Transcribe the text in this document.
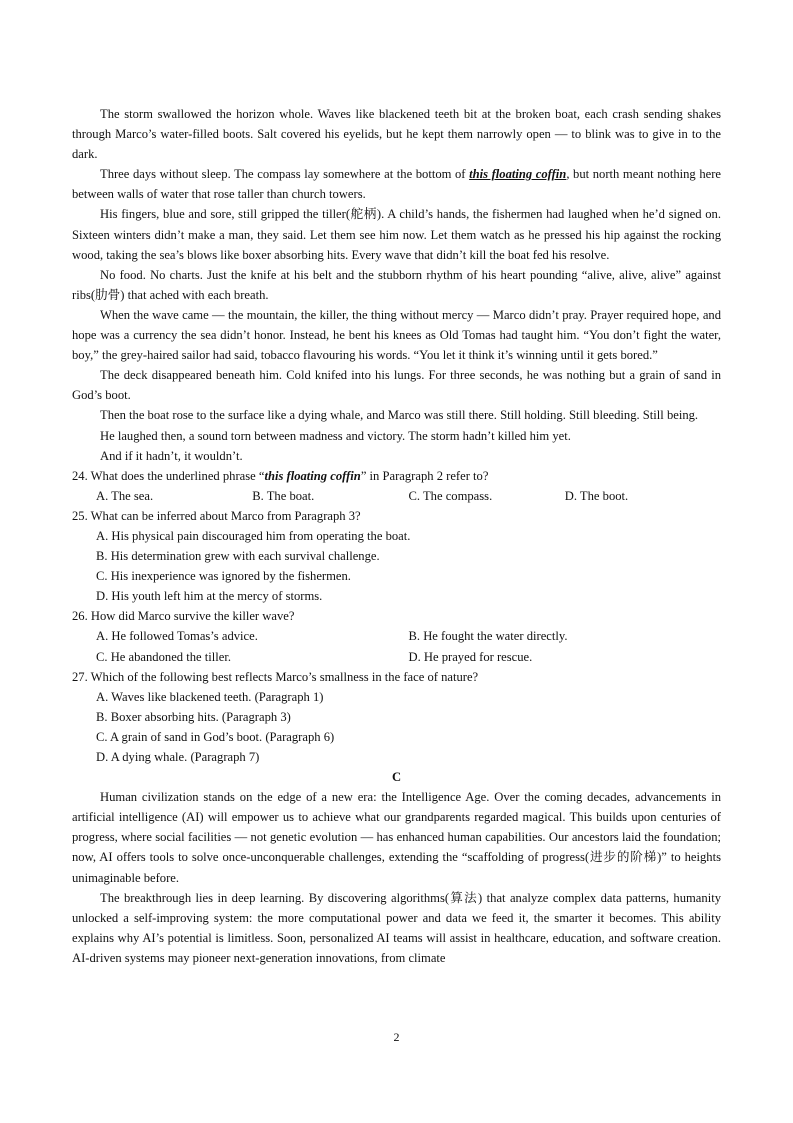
The storm swallowed the horizon whole. Waves like blackened teeth bit at the broken boat, each crash sending shakes through Marco’s water-filled boots. Salt covered his eyelids, but he kept them narrowly open — to blink was to give in to the dark.

Three days without sleep. The compass lay somewhere at the bottom of this floating coffin, but north meant nothing here between walls of water that rose taller than church towers.

His fingers, blue and sore, still gripped the tiller(舵柄). A child’s hands, the fishermen had laughed when he’d signed on. Sixteen winters didn’t make a man, they said. Let them see him now. Let them watch as he pressed his hip against the rocking wood, taking the sea’s blows like boxer absorbing hits. Every wave that didn’t kill the boat fed his resolve.

No food. No charts. Just the knife at his belt and the stubborn rhythm of his heart pounding “alive, alive, alive” against ribs(肋骨) that ached with each breath.

When the wave came — the mountain, the killer, the thing without mercy — Marco didn’t pray. Prayer required hope, and hope was a currency the sea didn’t honor. Instead, he bent his knees as Old Tomas had taught him. “You don’t fight the water, boy,” the grey-haired sailor had said, tobacco flavouring his words. “You let it think it’s winning until it gets bored.”

The deck disappeared beneath him. Cold knifed into his lungs. For three seconds, he was nothing but a grain of sand in God’s boot.

Then the boat rose to the surface like a dying whale, and Marco was still there. Still holding. Still bleeding. Still being.

He laughed then, a sound torn between madness and victory. The storm hadn’t killed him yet.

And if it hadn’t, it wouldn’t.

24. What does the underlined phrase “this floating coffin” in Paragraph 2 refer to?

A. The sea.	B. The boat.	C. The compass.	D. The boot.

25. What can be inferred about Marco from Paragraph 3?

A. His physical pain discouraged him from operating the boat.
B. His determination grew with each survival challenge.
C. His inexperience was ignored by the fishermen.
D. His youth left him at the mercy of storms.

26. How did Marco survive the killer wave?

A. He followed Tomas’s advice.	B. He fought the water directly.
C. He abandoned the tiller.	D. He prayed for rescue.

27. Which of the following best reflects Marco’s smallness in the face of nature?

A. Waves like blackened teeth. (Paragraph 1)
B. Boxer absorbing hits. (Paragraph 3)
C. A grain of sand in God’s boot. (Paragraph 6)
D. A dying whale. (Paragraph 7)
C

Human civilization stands on the edge of a new era: the Intelligence Age. Over the coming decades, advancements in artificial intelligence (AI) will empower us to achieve what our grandparents regarded magical. This builds upon centuries of progress, where social facilities — not genetic evolution — has enhanced human capabilities. Our ancestors laid the foundation; now, AI offers tools to solve once-unconquerable challenges, extending the “scaffolding of progress(进步的阶梯)” to heights unimaginable before.

The breakthrough lies in deep learning. By discovering algorithms(算法) that analyze complex data patterns, humanity unlocked a self-improving system: the more computational power and data we feed it, the smarter it becomes. This ability explains why AI’s potential is limitless. Soon, personalized AI teams will assist in healthcare, education, and software creation. AI-driven systems may pioneer next-generation innovations, from climate

2
